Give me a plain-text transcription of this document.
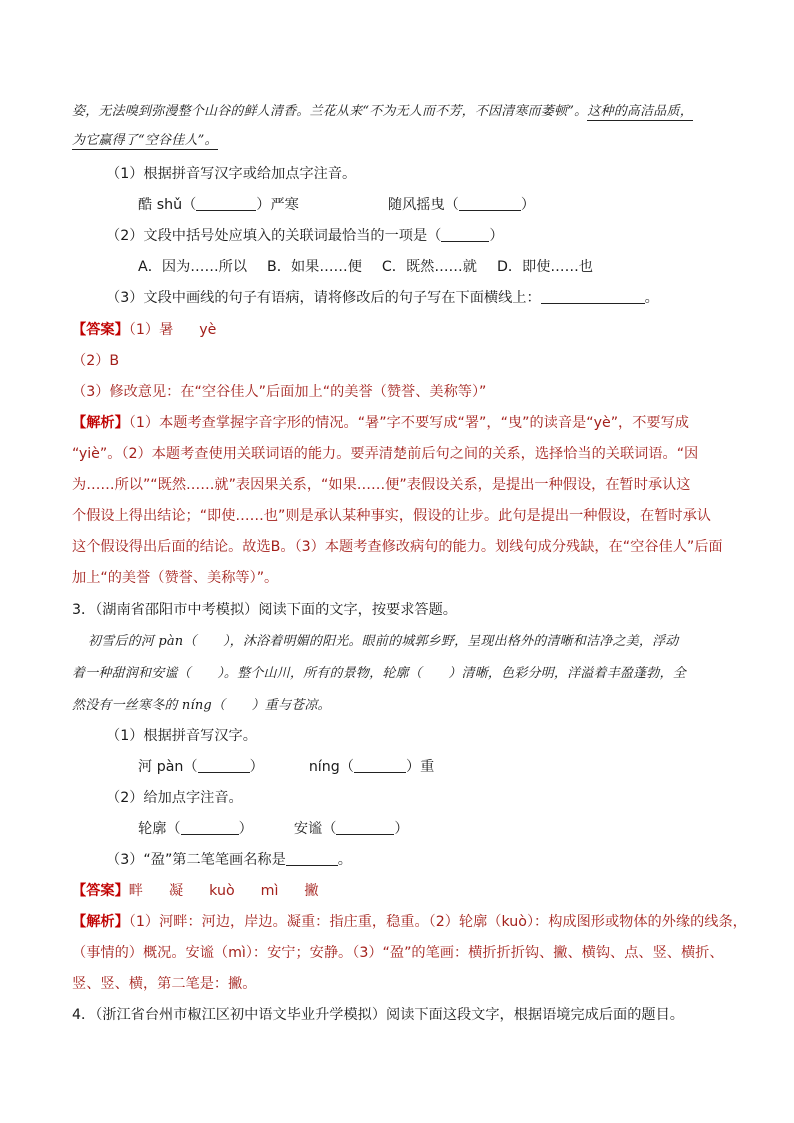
姿，无法嗅到弥漫整个山谷的鲜人清香。兰花从来“不为无人而不芳，不因清寒而萎顿”。这种的高洁品质，
为它赢得了“空谷佳人”。
（1）根据拼音写汉字或给加点字注音。
酷 shǔ（	）严寒	随风摇曳（	）
（2）文段中括号处应填入的关联词最恰当的一项是（	）
A．因为……所以 B．如果……便 C．既然……就 D．即使……也
（3）文段中画线的句子有语病，请将修改后的句子写在下面横线上：	。
【答案】（1）暑 yè
（2）B
（3）修改意见：在“空谷佳人”后面加上“的美誉（赞誉、美称等）”
【解析】（1）本题考查掌握字音字形的情况。“暑”字不要写成“署”，“曳”的读音是“yè”，不要写成
“yiè”。（2）本题考查使用关联词语的能力。要弄清楚前后句之间的关系，选择恰当的关联词语。“因
为……所以”“既然……就”表因果关系，“如果……便”表假设关系，是提出一种假设，在暂时承认这
个假设上得出结论；“即使……也”则是承认某种事实，假设的让步。此句是提出一种假设，在暂时承认
这个假设得出后面的结论。故选B。（3）本题考查修改病句的能力。划线句成分残缺，在“空谷佳人”后面
加上“的美誉（赞誉、美称等）”。
3．（湖南省邵阳市中考模拟）阅读下面的文字，按要求答题。
初雪后的河 pàn（　　），沐浴着明媚的阳光。眼前的城郭乡野，呈现出格外的清晰和洁净之美，浮动
着一种甜润和安谧（　　）。整个山川，所有的景物，轮廓（　　）清晰，色彩分明，洋溢着丰盈蓬勃，全
然没有一丝寒冬的 níng（　　）重与苍凉。
（1）根据拼音写汉字。
河 pàn（	）	níng（	）重
（2）给加点字注音。
轮廓（	）	安谧（	）
（3）“盈”第二笔笔画名称是	。
【答案】畔 凝 kuò mì 撇
【解析】（1）河畔：河边，岸边。凝重：指庄重，稳重。（2）轮廓（kuò）：构成图形或物体的外缘的线条，
（事情的）概况。安谧（mì）：安宁；安静。（3）“盈”的笔画：横折折折钩、撇、横钩、点、竖、横折、
竖、竖、横，第二笔是：撇。
4．（浙江省台州市椒江区初中语文毕业升学模拟）阅读下面这段文字，根据语境完成后面的题目。
